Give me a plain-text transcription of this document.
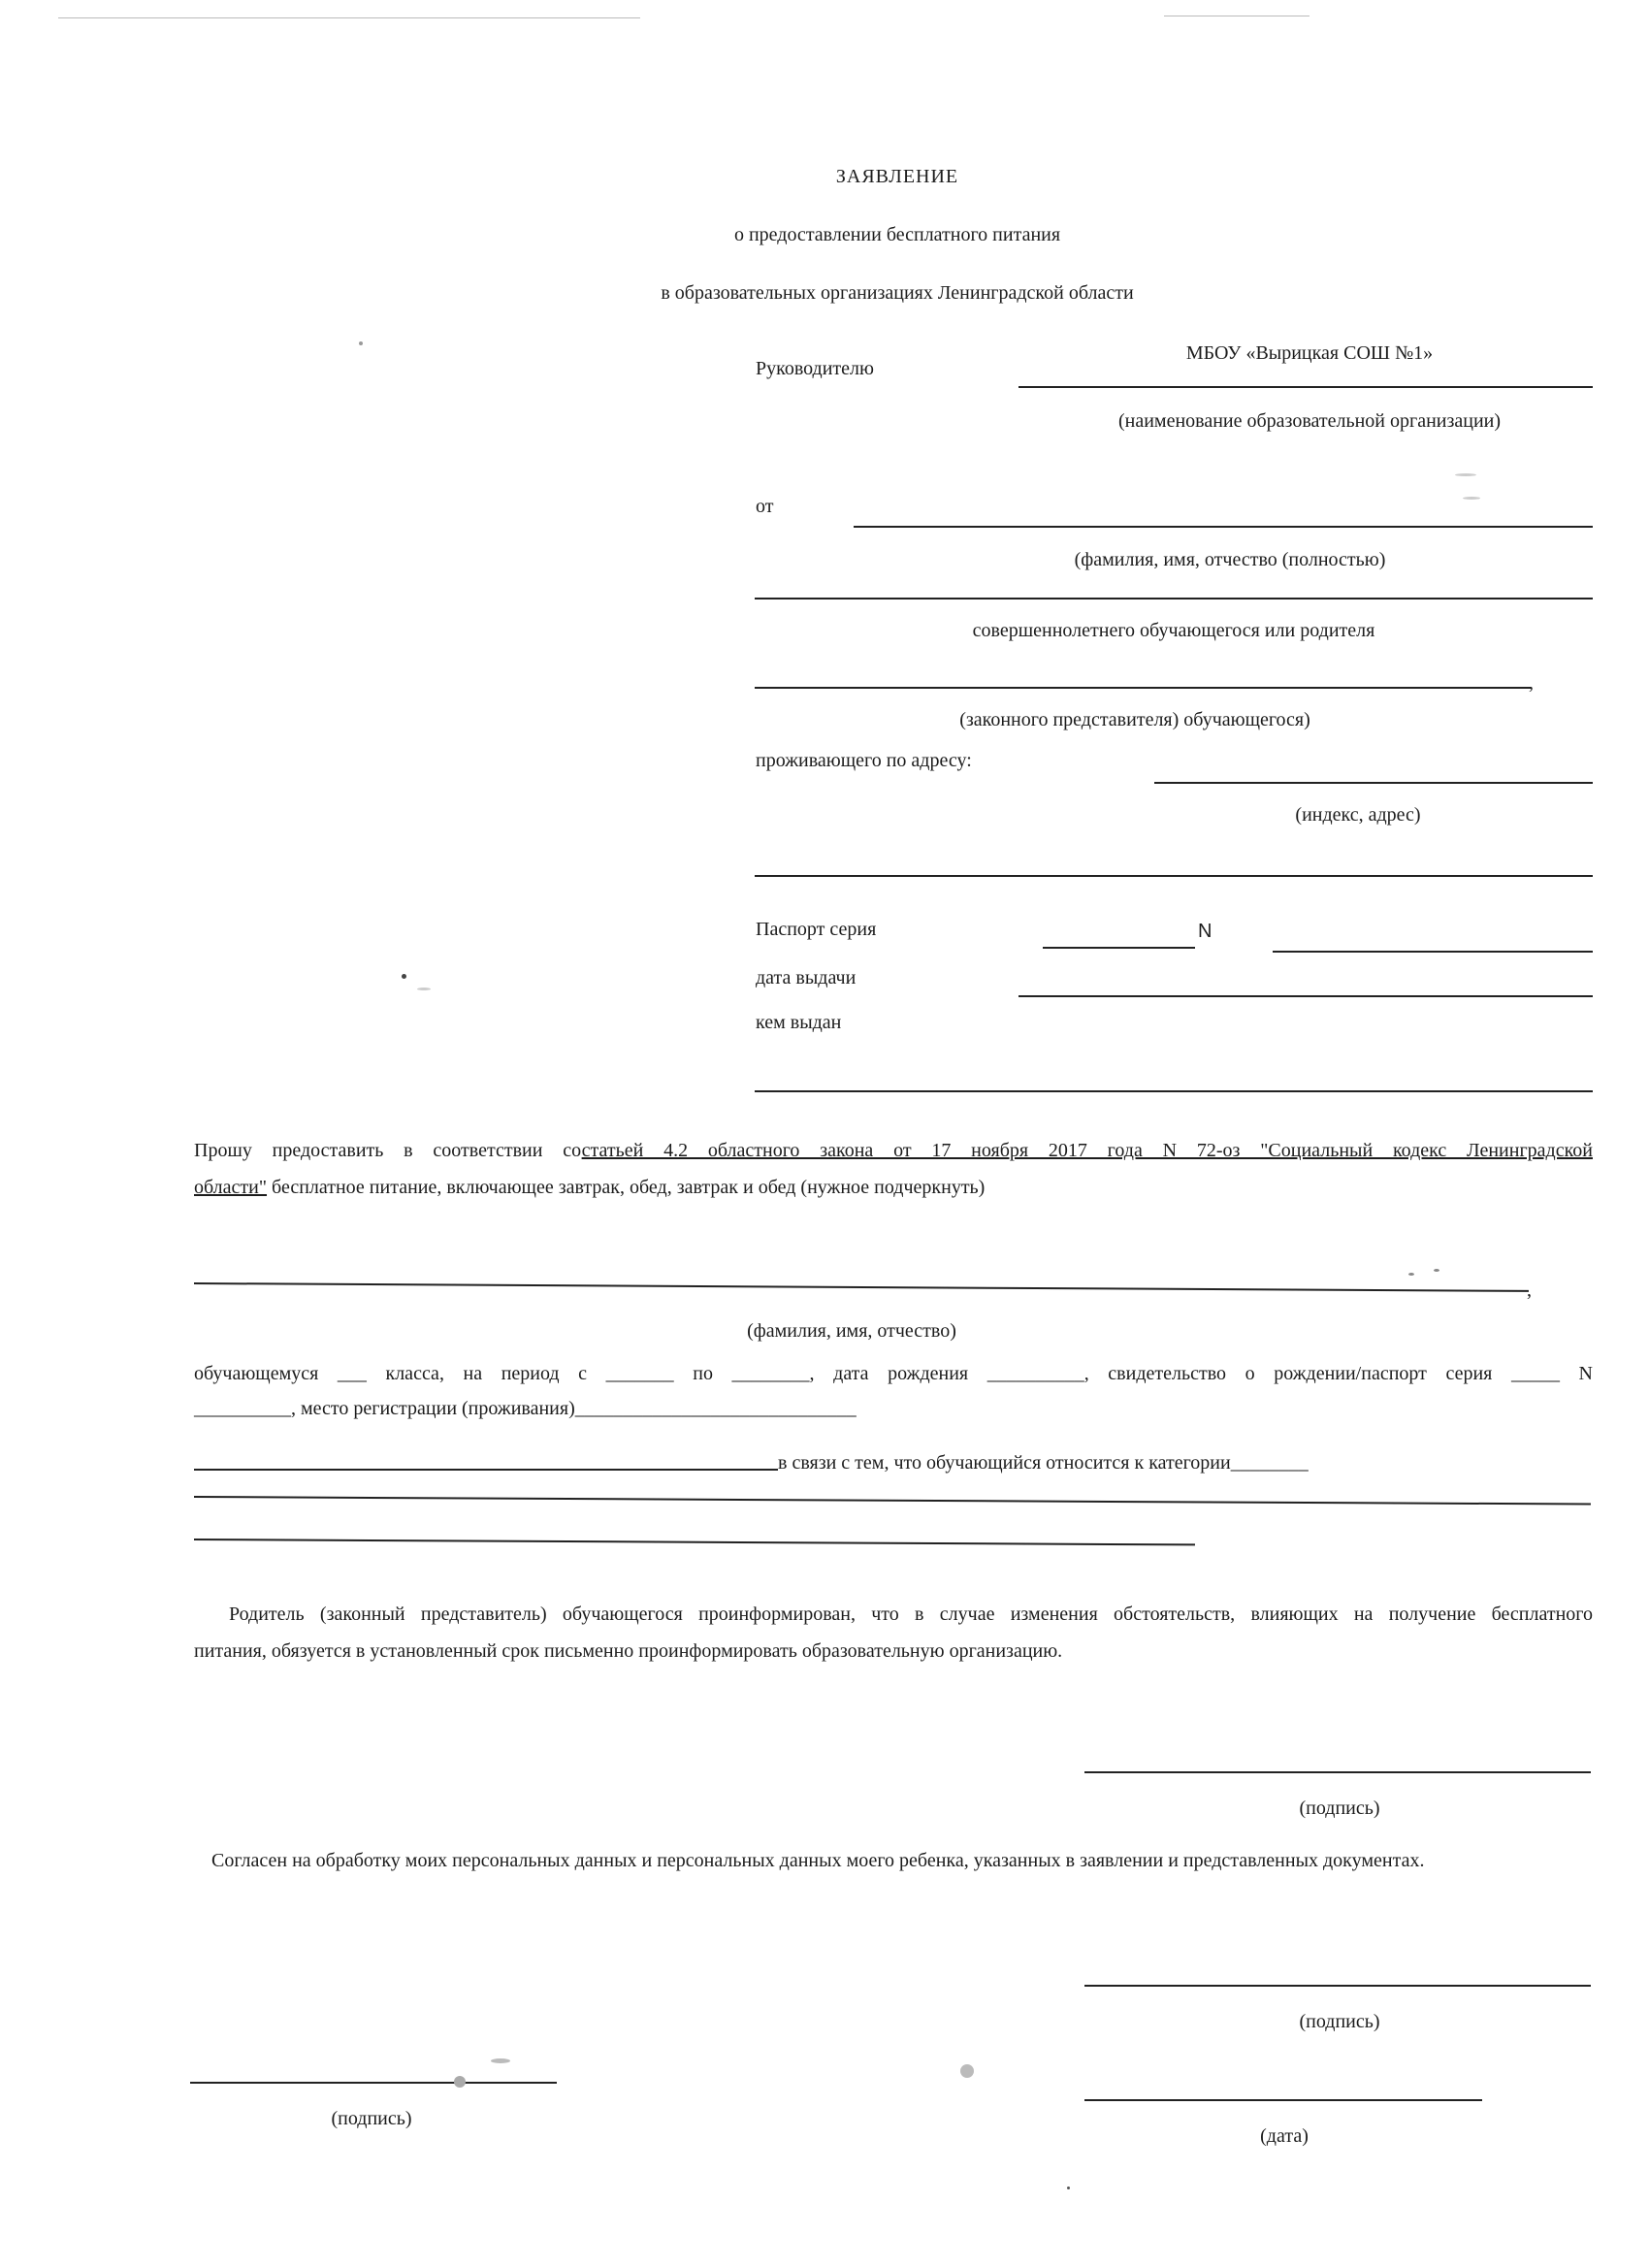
ЗАЯВЛЕНИЕ
о предоставлении бесплатного питания
в образовательных организациях Ленинградской области
Руководителю
МБОУ «Вырицкая СОШ №1»
(наименование образовательной организации)
от
(фамилия, имя, отчество (полностью)
совершеннолетнего обучающегося или родителя
,
(законного представителя) обучающегося)
проживающего по адресу:
(индекс, адрес)
Паспорт серия	N
дата выдачи
кем выдан
Прошу предоставить в соответствии состатьей 4.2 областного закона от 17 ноября 2017 года N 72-оз "Социальный кодекс Ленинградской
области" бесплатное питание, включающее завтрак, обед, завтрак и обед (нужное подчеркнуть)
,
(фамилия, имя, отчество)
обучающемуся ___ класса, на период с _______ по ________, дата рождения __________, свидетельство о рождении/паспорт серия _____ N
__________, место регистрации (проживания)_____________________________
в связи с тем, что обучающийся относится к категории________
Родитель (законный представитель) обучающегося проинформирован, что в случае изменения обстоятельств, влияющих на получение бесплатного
питания, обязуется в установленный срок письменно проинформировать образовательную организацию.
(подпись)
Согласен на обработку моих персональных данных и персональных данных моего ребенка, указанных в заявлении и представленных документах.
(подпись)
(подпись)
(дата)
